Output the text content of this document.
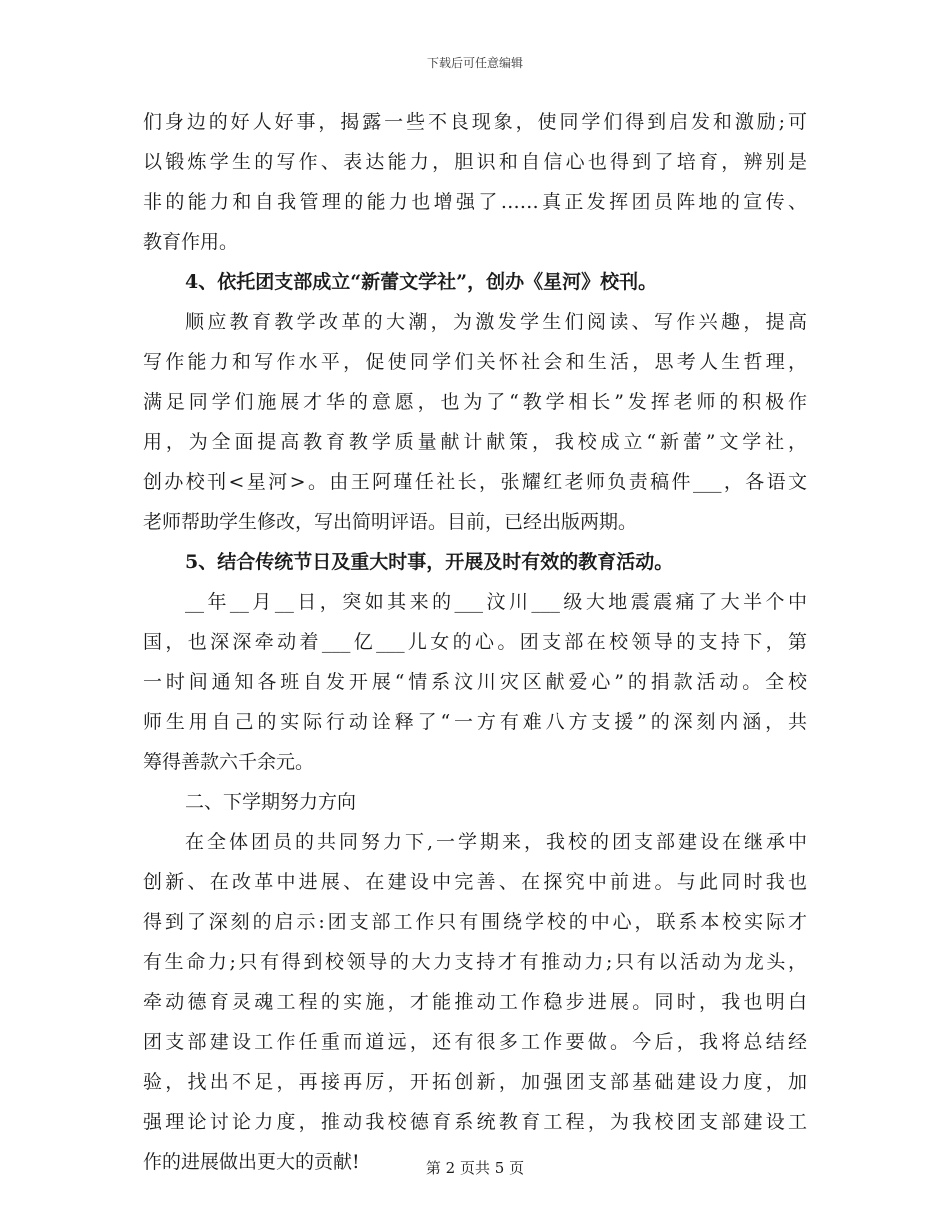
下载后可任意编辑
们身边的好人好事，揭露一些不良现象，使同学们得到启发和激励;可
以锻炼学生的写作、表达能力，胆识和自信心也得到了培育，辨别是
非的能力和自我管理的能力也增强了……真正发挥团员阵地的宣传、
教育作用。
4、依托团支部成立“新蕾文学社”，创办《星河》校刊。
顺应教育教学改革的大潮，为激发学生们阅读、写作兴趣，提高
写作能力和写作水平，促使同学们关怀社会和生活，思考人生哲理，
满足同学们施展才华的意愿，也为了“教学相长”发挥老师的积极作
用，为全面提高教育教学质量献计献策，我校成立“新蕾”文学社，
创办校刊<星河>。由王阿瑾任社长，张耀红老师负责稿件___，各语文
老师帮助学生修改，写出简明评语。目前，已经出版两期。
5、结合传统节日及重大时事，开展及时有效的教育活动。
__年__月__日，突如其来的___汶川___级大地震震痛了大半个中
国，也深深牵动着___亿___儿女的心。团支部在校领导的支持下，第
一时间通知各班自发开展“情系汶川灾区献爱心”的捐款活动。全校
师生用自己的实际行动诠释了“一方有难八方支援”的深刻内涵，共
筹得善款六千余元。
二、下学期努力方向
在全体团员的共同努力下,一学期来，我校的团支部建设在继承中
创新、在改革中进展、在建设中完善、在探究中前进。与此同时我也
得到了深刻的启示:团支部工作只有围绕学校的中心，联系本校实际才
有生命力;只有得到校领导的大力支持才有推动力;只有以活动为龙头，
牵动德育灵魂工程的实施，才能推动工作稳步进展。同时，我也明白
团支部建设工作任重而道远，还有很多工作要做。今后，我将总结经
验，找出不足，再接再厉，开拓创新，加强团支部基础建设力度，加
强理论讨论力度，推动我校德育系统教育工程，为我校团支部建设工
作的进展做出更大的贡献!	第 2 页共 5 页
